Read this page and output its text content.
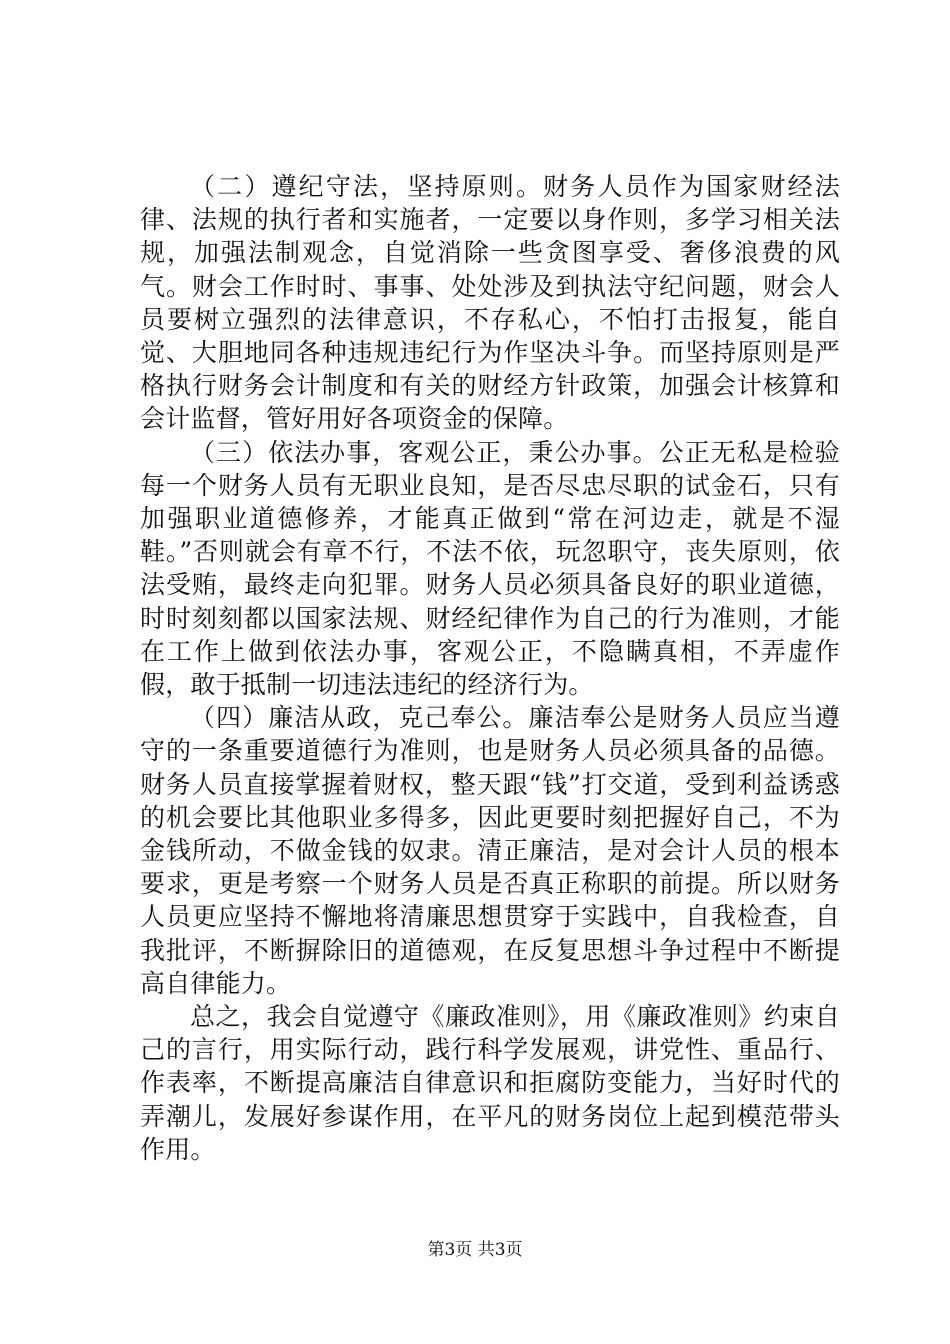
（二）遵纪守法，坚持原则。财务人员作为国家财经法律、法规的执行者和实施者，一定要以身作则，多学习相关法规，加强法制观念，自觉消除一些贪图享受、奢侈浪费的风气。财会工作时时、事事、处处涉及到执法守纪问题，财会人员要树立强烈的法律意识，不存私心，不怕打击报复，能自觉、大胆地同各种违规违纪行为作坚决斗争。而坚持原则是严格执行财务会计制度和有关的财经方针政策，加强会计核算和会计监督，管好用好各项资金的保障。

（三）依法办事，客观公正，秉公办事。公正无私是检验每一个财务人员有无职业良知，是否尽忠尽职的试金石，只有加强职业道德修养，才能真正做到“常在河边走，就是不湿鞋。”否则就会有章不行，不法不依，玩忽职守，丧失原则，依法受贿，最终走向犯罪。财务人员必须具备良好的职业道德，时时刻刻都以国家法规、财经纪律作为自己的行为准则，才能在工作上做到依法办事，客观公正，不隐瞒真相，不弄虚作假，敢于抵制一切违法违纪的经济行为。

（四）廉洁从政，克己奉公。廉洁奉公是财务人员应当遵守的一条重要道德行为准则，也是财务人员必须具备的品德。财务人员直接掌握着财权，整天跟“钱”打交道，受到利益诱惑的机会要比其他职业多得多，因此更要时刻把握好自己，不为金钱所动，不做金钱的奴隶。清正廉洁，是对会计人员的根本要求，更是考察一个财务人员是否真正称职的前提。所以财务人员更应坚持不懈地将清廉思想贯穿于实践中，自我检查，自我批评，不断摒除旧的道德观，在反复思想斗争过程中不断提高自律能力。

总之，我会自觉遵守《廉政准则》，用《廉政准则》约束自己的言行，用实际行动，践行科学发展观，讲党性、重品行、作表率，不断提高廉洁自律意识和拒腐防变能力，当好时代的弄潮儿，发展好参谋作用，在平凡的财务岗位上起到模范带头作用。

第3页 共3页
